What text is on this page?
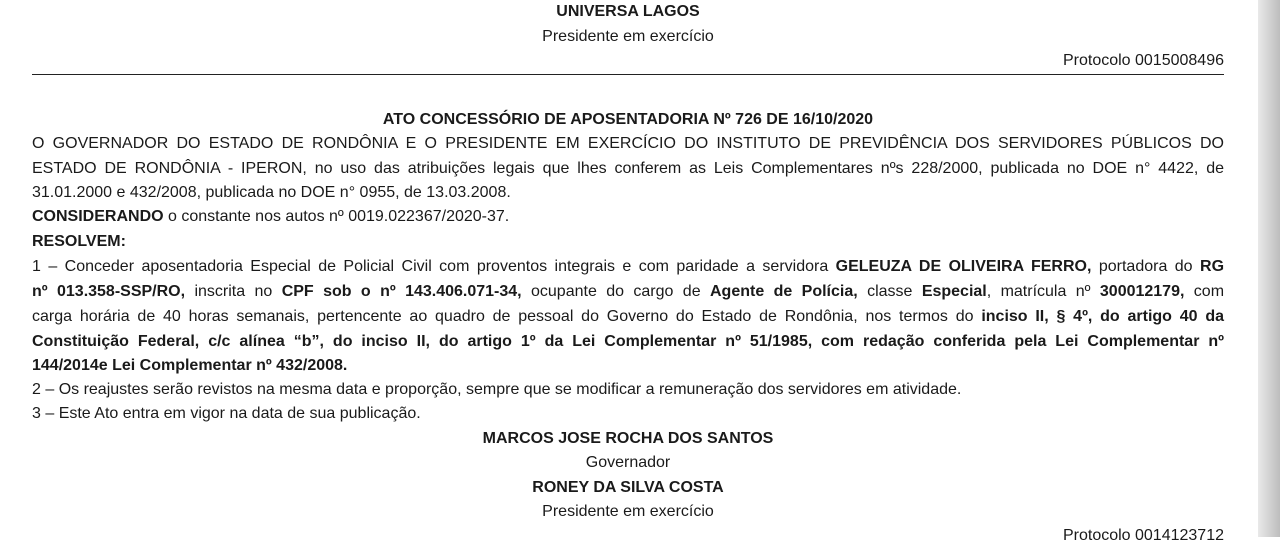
UNIVERSA LAGOS
Presidente em exercício
Protocolo 0015008496
ATO CONCESSÓRIO DE APOSENTADORIA Nº 726 DE 16/10/2020
O GOVERNADOR DO ESTADO DE RONDÔNIA E O PRESIDENTE EM EXERCÍCIO DO INSTITUTO DE PREVIDÊNCIA DOS SERVIDORES PÚBLICOS DO
ESTADO DE RONDÔNIA - IPERON, no uso das atribuições legais que lhes conferem as Leis Complementares nºs 228/2000, publicada no DOE n° 4422, de
31.01.2000 e 432/2008, publicada no DOE n° 0955, de 13.03.2008.
CONSIDERANDO o constante nos autos nº 0019.022367/2020-37.
RESOLVEM:
1 – Conceder aposentadoria Especial de Policial Civil com proventos integrais e com paridade a servidora GELEUZA DE OLIVEIRA FERRO, portadora do RG
nº 013.358-SSP/RO, inscrita no CPF sob o nº 143.406.071-34, ocupante do cargo de Agente de Polícia, classe Especial, matrícula nº 300012179, com
carga horária de 40 horas semanais, pertencente ao quadro de pessoal do Governo do Estado de Rondônia, nos termos do inciso II, § 4º, do artigo 40 da
Constituição Federal, c/c alínea “b”, do inciso II, do artigo 1º da Lei Complementar nº 51/1985, com redação conferida pela Lei Complementar nº
144/2014e Lei Complementar nº 432/2008.
2 – Os reajustes serão revistos na mesma data e proporção, sempre que se modificar a remuneração dos servidores em atividade.
3 – Este Ato entra em vigor na data de sua publicação.
MARCOS JOSE ROCHA DOS SANTOS
Governador
RONEY DA SILVA COSTA
Presidente em exercício
Protocolo 0014123712
